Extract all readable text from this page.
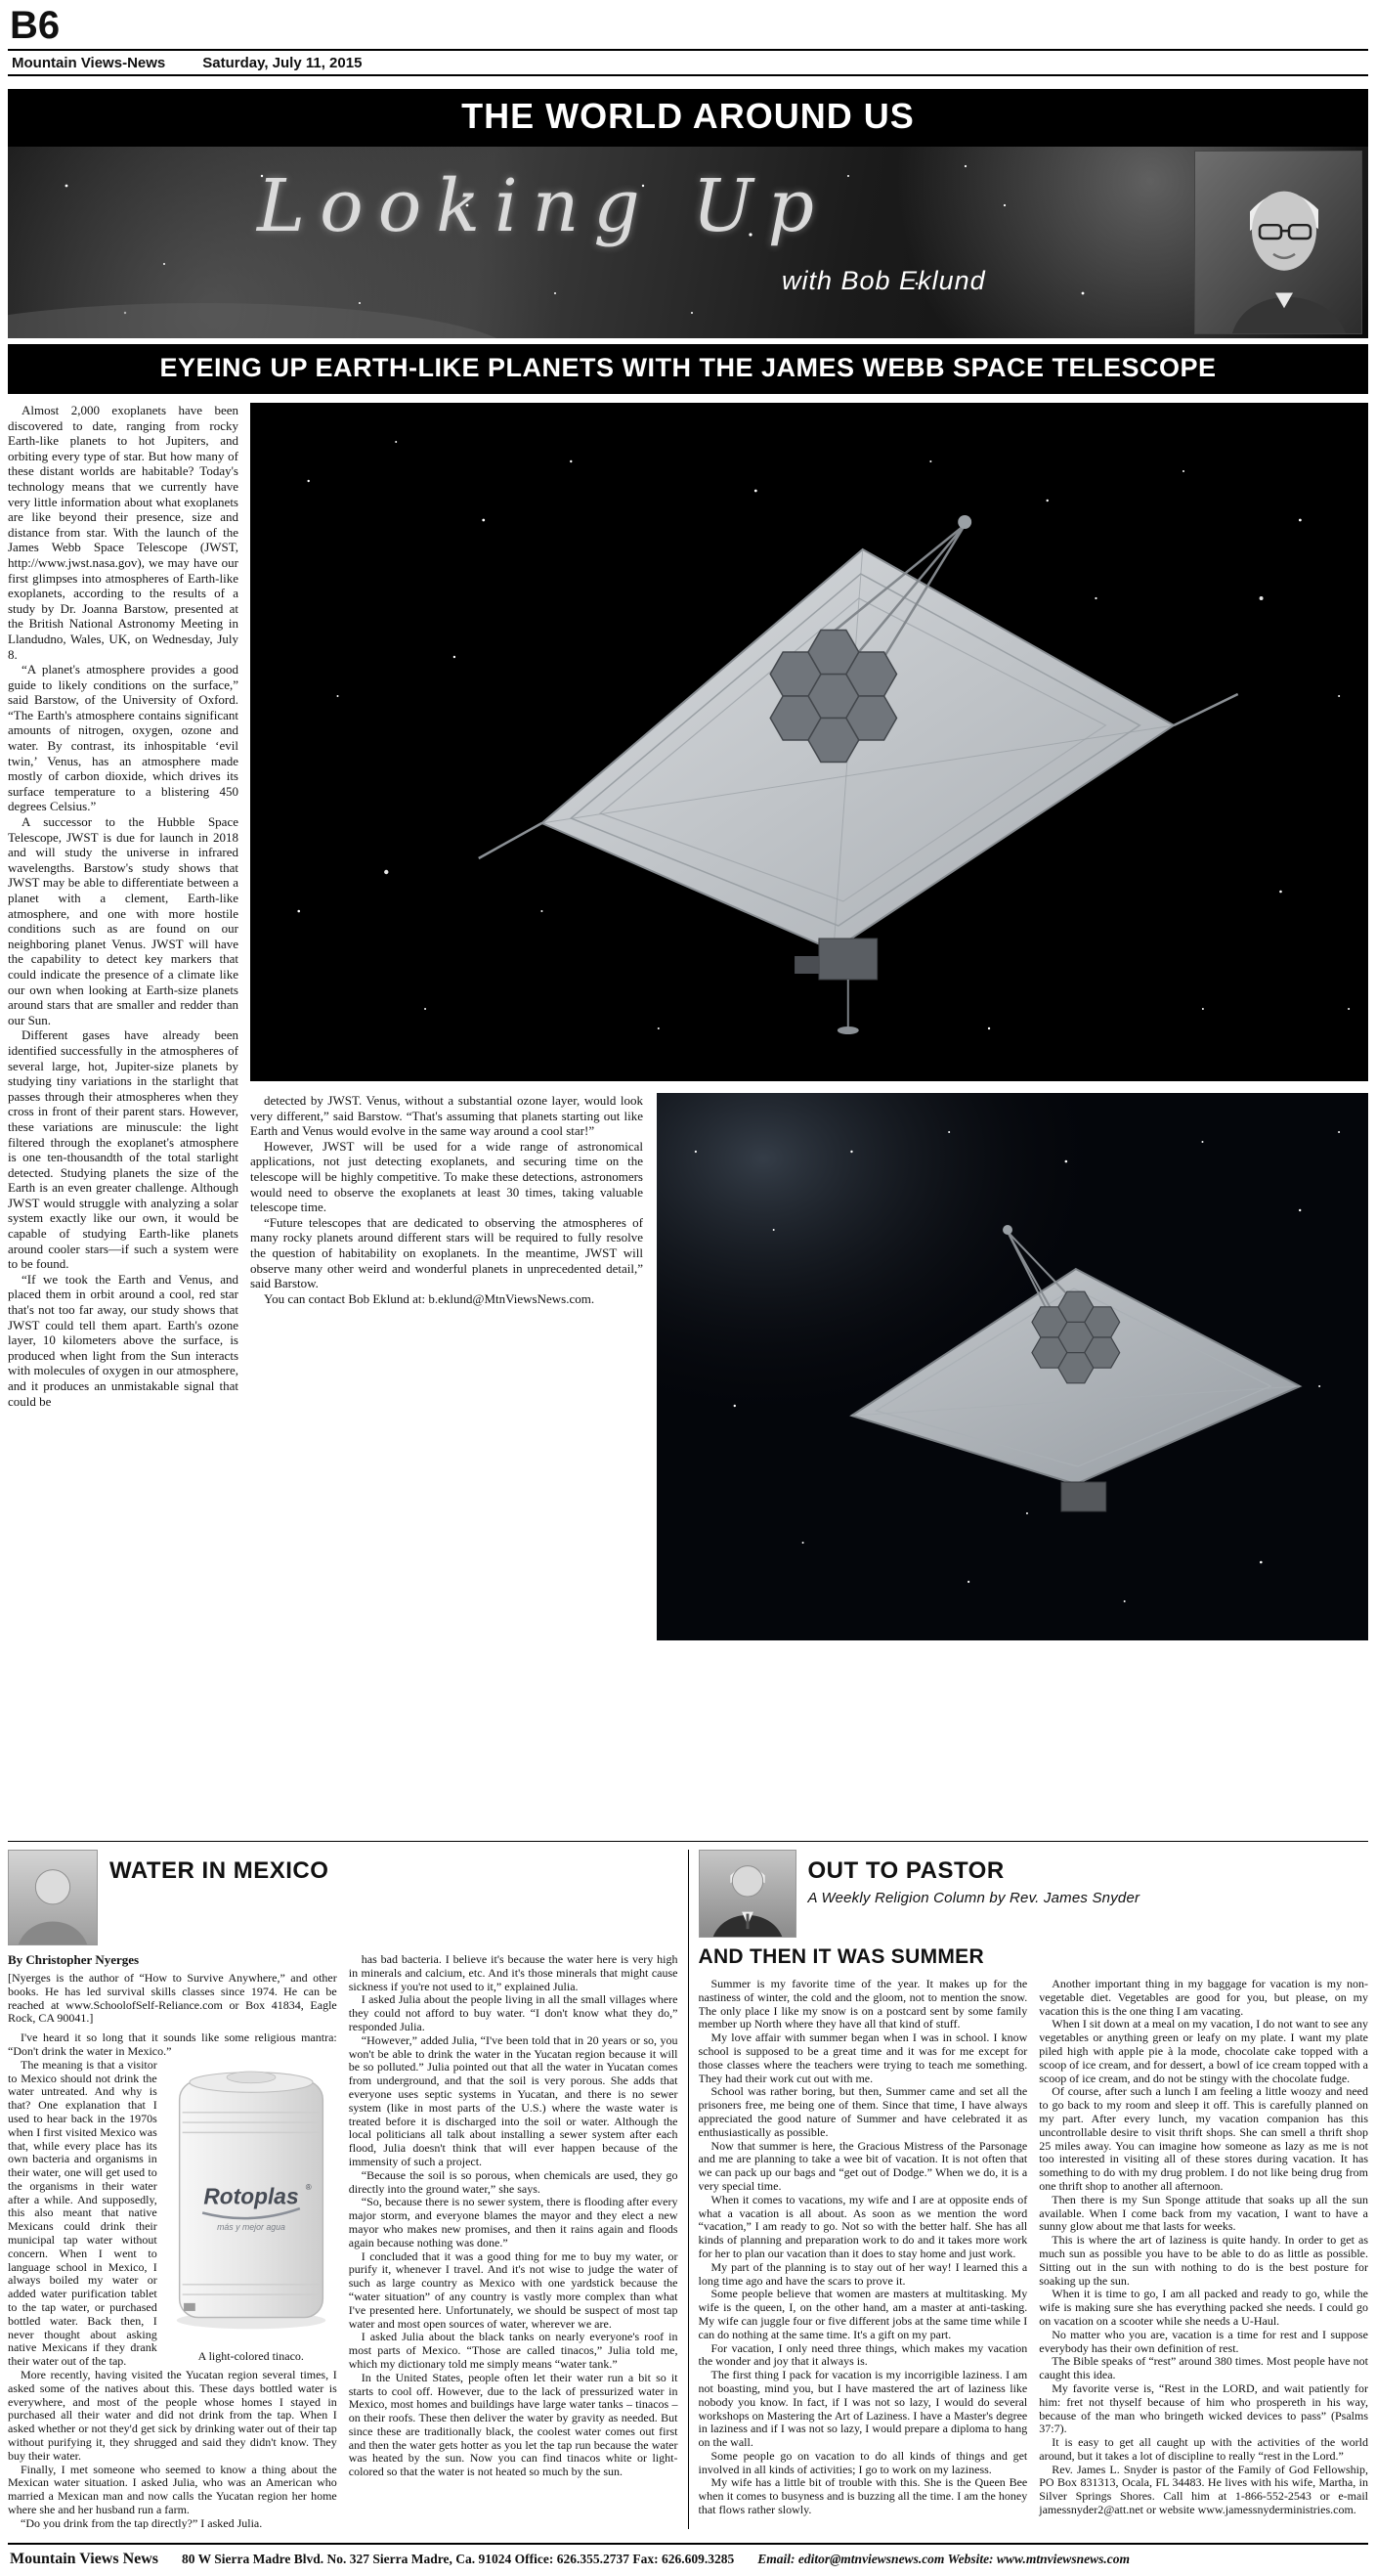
B6
Mountain Views-News	Saturday, July 11, 2015
THE WORLD AROUND US
Looking Up
with Bob Eklund
EYEING UP EARTH-LIKE PLANETS WITH THE JAMES WEBB SPACE TELESCOPE

Almost 2,000 exoplanets have been discovered to date, ranging from rocky Earth-like planets to hot Jupiters, and orbiting every type of star. But how many of these distant worlds are habitable? Today's technology means that we currently have very little information about what exoplanets are like beyond their presence, size and distance from star. With the launch of the James Webb Space Telescope (JWST, http://www.jwst.nasa.gov), we may have our first glimpses into atmospheres of Earth-like exoplanets, according to the results of a study by Dr. Joanna Barstow, presented at the British National Astronomy Meeting in Llandudno, Wales, UK, on Wednesday, July 8.

“A planet's atmosphere provides a good guide to likely conditions on the surface,” said Barstow, of the University of Oxford. “The Earth's atmosphere contains significant amounts of nitrogen, oxygen, ozone and water. By contrast, its inhospitable ‘evil twin,’ Venus, has an atmosphere made mostly of carbon dioxide, which drives its surface temperature to a blistering 450 degrees Celsius.”

A successor to the Hubble Space Telescope, JWST is due for launch in 2018 and will study the universe in infrared wavelengths. Barstow's study shows that JWST may be able to differentiate between a planet with a clement, Earth-like atmosphere, and one with more hostile conditions such as are found on our neighboring planet Venus. JWST will have the capability to detect key markers that could indicate the presence of a climate like our own when looking at Earth-size planets around stars that are smaller and redder than our Sun.

Different gases have already been identified successfully in the atmospheres of several large, hot, Jupiter-size planets by studying tiny variations in the starlight that passes through their atmospheres when they cross in front of their parent stars. However, these variations are minuscule: the light filtered through the exoplanet's atmosphere is one ten-thousandth of the total starlight detected. Studying planets the size of the Earth is an even greater challenge. Although JWST would struggle with analyzing a solar system exactly like our own, it would be capable of studying Earth-like planets around cooler stars—if such a system were to be found.

“If we took the Earth and Venus, and placed them in orbit around a cool, red star that's not too far away, our study shows that JWST could tell them apart. Earth's ozone layer, 10 kilometers above the surface, is produced when light from the Sun interacts with molecules of oxygen in our atmosphere, and it produces an unmistakable signal that could be

detected by JWST. Venus, without a substantial ozone layer, would look very different,” said Barstow. “That's assuming that planets starting out like Earth and Venus would evolve in the same way around a cool star!”

However, JWST will be used for a wide range of astronomical applications, not just detecting exoplanets, and securing time on the telescope will be highly competitive. To make these detections, astronomers would need to observe the exoplanets at least 30 times, taking valuable telescope time.

“Future telescopes that are dedicated to observing the atmospheres of many rocky planets around different stars will be required to fully resolve the question of habitability on exoplanets. In the meantime, JWST will observe many other weird and wonderful planets in unprecedented detail,” said Barstow.

You can contact Bob Eklund at: b.eklund@MtnViewsNews.com.

WATER IN MEXICO
By Christopher Nyerges
[Nyerges is the author of “How to Survive Anywhere,” and other books. He has led survival skills classes since 1974. He can be reached at www.SchoolofSelf-Reliance.com or Box 41834, Eagle Rock, CA 90041.]

I've heard it so long that it sounds like some religious mantra: “Don't drink the water in Mexico.”

Rotoplas ®
más y mejor agua
A light-colored tinaco.

The meaning is that a visitor to Mexico should not drink the water untreated. And why is that? One explanation that I used to hear back in the 1970s when I first visited Mexico was that, while every place has its own bacteria and organisms in their water, one will get used to the organisms in their water after a while. And supposedly, this also meant that native Mexicans could drink their municipal tap water without concern. When I went to language school in Mexico, I always boiled my water or added water purification tablet to the tap water, or purchased bottled water. Back then, I never thought about asking native Mexicans if they drank their water out of the tap.

More recently, having visited the Yucatan region several times, I asked some of the natives about this. These days bottled water is everywhere, and most of the people whose homes I stayed in purchased all their water and did not drink from the tap. When I asked whether or not they'd get sick by drinking water out of their tap without purifying it, they shrugged and said they didn't know. They buy their water.

Finally, I met someone who seemed to know a thing about the Mexican water situation. I asked Julia, who was an American who married a Mexican man and now calls the Yucatan region her home where she and her husband run a farm.

“Do you drink from the tap directly?” I asked Julia.

has bad bacteria. I believe it's because the water here is very high in minerals and calcium, etc. And it's those minerals that might cause sickness if you're not used to it,” explained Julia.

I asked Julia about the people living in all the small villages where they could not afford to buy water. “I don't know what they do,” responded Julia.

“However,” added Julia, “I've been told that in 20 years or so, you won't be able to drink the water in the Yucatan region because it will be so polluted.” Julia pointed out that all the water in Yucatan comes from underground, and that the soil is very porous. She adds that everyone uses septic systems in Yucatan, and there is no sewer system (like in most parts of the U.S.) where the waste water is treated before it is discharged into the soil or water. Although the local politicians all talk about installing a sewer system after each flood, Julia doesn't think that will ever happen because of the immensity of such a project.

“Because the soil is so porous, when chemicals are used, they go directly into the ground water,” she says.

“So, because there is no sewer system, there is flooding after every major storm, and everyone blames the mayor and they elect a new mayor who makes new promises, and then it rains again and floods again because nothing was done.”

I concluded that it was a good thing for me to buy my water, or purify it, whenever I travel. And it's not wise to judge the water of such as large country as Mexico with one yardstick because the “water situation” of any country is vastly more complex than what I've presented here. Unfortunately, we should be suspect of most tap water and most open sources of water, wherever we are.

I asked Julia about the black tanks on nearly everyone's roof in most parts of Mexico. “Those are called tinacos,” Julia told me, which my dictionary told me simply means “water tank.”

In the United States, people often let their water run a bit so it starts to cool off. However, due to the lack of pressurized water in Mexico, most homes and buildings have large water tanks – tinacos – on their roofs. These then deliver the water by gravity as needed. But since these are traditionally black, the coolest water comes out first and then the water gets hotter as you let the tap run because the water was heated by the sun. Now you can find tinacos white or light-colored so that the water is not heated so much by the sun.

OUT TO PASTOR
A Weekly Religion Column by Rev. James Snyder
AND THEN IT WAS SUMMER

Summer is my favorite time of the year. It makes up for the nastiness of winter, the cold and the gloom, not to mention the snow. The only place I like my snow is on a postcard sent by some family member up North where they have all that kind of stuff.

My love affair with summer began when I was in school. I know school is supposed to be a great time and it was for me except for those classes where the teachers were trying to teach me something. They had their work cut out with me.

School was rather boring, but then, Summer came and set all the prisoners free, me being one of them. Since that time, I have always appreciated the good nature of Summer and have celebrated it as enthusiastically as possible.

Now that summer is here, the Gracious Mistress of the Parsonage and me are planning to take a wee bit of vacation. It is not often that we can pack up our bags and “get out of Dodge.” When we do, it is a very special time.

When it comes to vacations, my wife and I are at opposite ends of what a vacation is all about. As soon as we mention the word “vacation,” I am ready to go. Not so with the better half. She has all kinds of planning and preparation work to do and it takes more work for her to plan our vacation than it does to stay home and just work.

My part of the planning is to stay out of her way! I learned this a long time ago and have the scars to prove it.

Some people believe that women are masters at multitasking. My wife is the queen, I, on the other hand, am a master at anti-tasking. My wife can juggle four or five different jobs at the same time while I can do nothing at the same time. It's a gift on my part.

For vacation, I only need three things, which makes my vacation the wonder and joy that it always is.

The first thing I pack for vacation is my incorrigible laziness. I am not boasting, mind you, but I have mastered the art of laziness like nobody you know. In fact, if I was not so lazy, I would do several workshops on Mastering the Art of Laziness. I have a Master's degree in laziness and if I was not so lazy, I would prepare a diploma to hang on the wall.

Some people go on vacation to do all kinds of things and get involved in all kinds of activities; I go to work on my laziness.

My wife has a little bit of trouble with this. She is the Queen Bee when it comes to busyness and is buzzing all the time. I am the honey that flows rather slowly.

Another important thing in my baggage for vacation is my non-vegetable diet. Vegetables are good for you, but please, on my vacation this is the one thing I am vacating.

When I sit down at a meal on my vacation, I do not want to see any vegetables or anything green or leafy on my plate. I want my plate piled high with apple pie à la mode, chocolate cake topped with a scoop of ice cream, and for dessert, a bowl of ice cream topped with a scoop of ice cream, and do not be stingy with the chocolate fudge.

Of course, after such a lunch I am feeling a little woozy and need to go back to my room and sleep it off. This is carefully planned on my part. After every lunch, my vacation companion has this uncontrollable desire to visit thrift shops. She can smell a thrift shop 25 miles away. You can imagine how someone as lazy as me is not too interested in visiting all of these stores during vacation. It has something to do with my drug problem. I do not like being drug from one thrift shop to another all afternoon.

Then there is my Sun Sponge attitude that soaks up all the sun available. When I come back from my vacation, I want to have a sunny glow about me that lasts for weeks.

This is where the art of laziness is quite handy. In order to get as much sun as possible you have to be able to do as little as possible. Sitting out in the sun with nothing to do is the best posture for soaking up the sun.

When it is time to go, I am all packed and ready to go, while the wife is making sure she has everything packed she needs. I could go on vacation on a scooter while she needs a U-Haul.

No matter who you are, vacation is a time for rest and I suppose everybody has their own definition of rest.

The Bible speaks of “rest” around 380 times. Most people have not caught this idea.

My favorite verse is, “Rest in the LORD, and wait patiently for him: fret not thyself because of him who prospereth in his way, because of the man who bringeth wicked devices to pass” (Psalms 37:7).

It is easy to get all caught up with the activities of the world around, but it takes a lot of discipline to really “rest in the Lord.”

Rev. James L. Snyder is pastor of the Family of God Fellowship, PO Box 831313, Ocala, FL 34483. He lives with his wife, Martha, in Silver Springs Shores. Call him at 1-866-552-2543 or e-mail jamessnyder2@att.net or website www.jamessnyderministries.com.

Mountain Views News 80 W Sierra Madre Blvd. No. 327 Sierra Madre, Ca. 91024 Office: 626.355.2737 Fax: 626.609.3285 Email: editor@mtnviewsnews.com Website: www.mtnviewsnews.com
